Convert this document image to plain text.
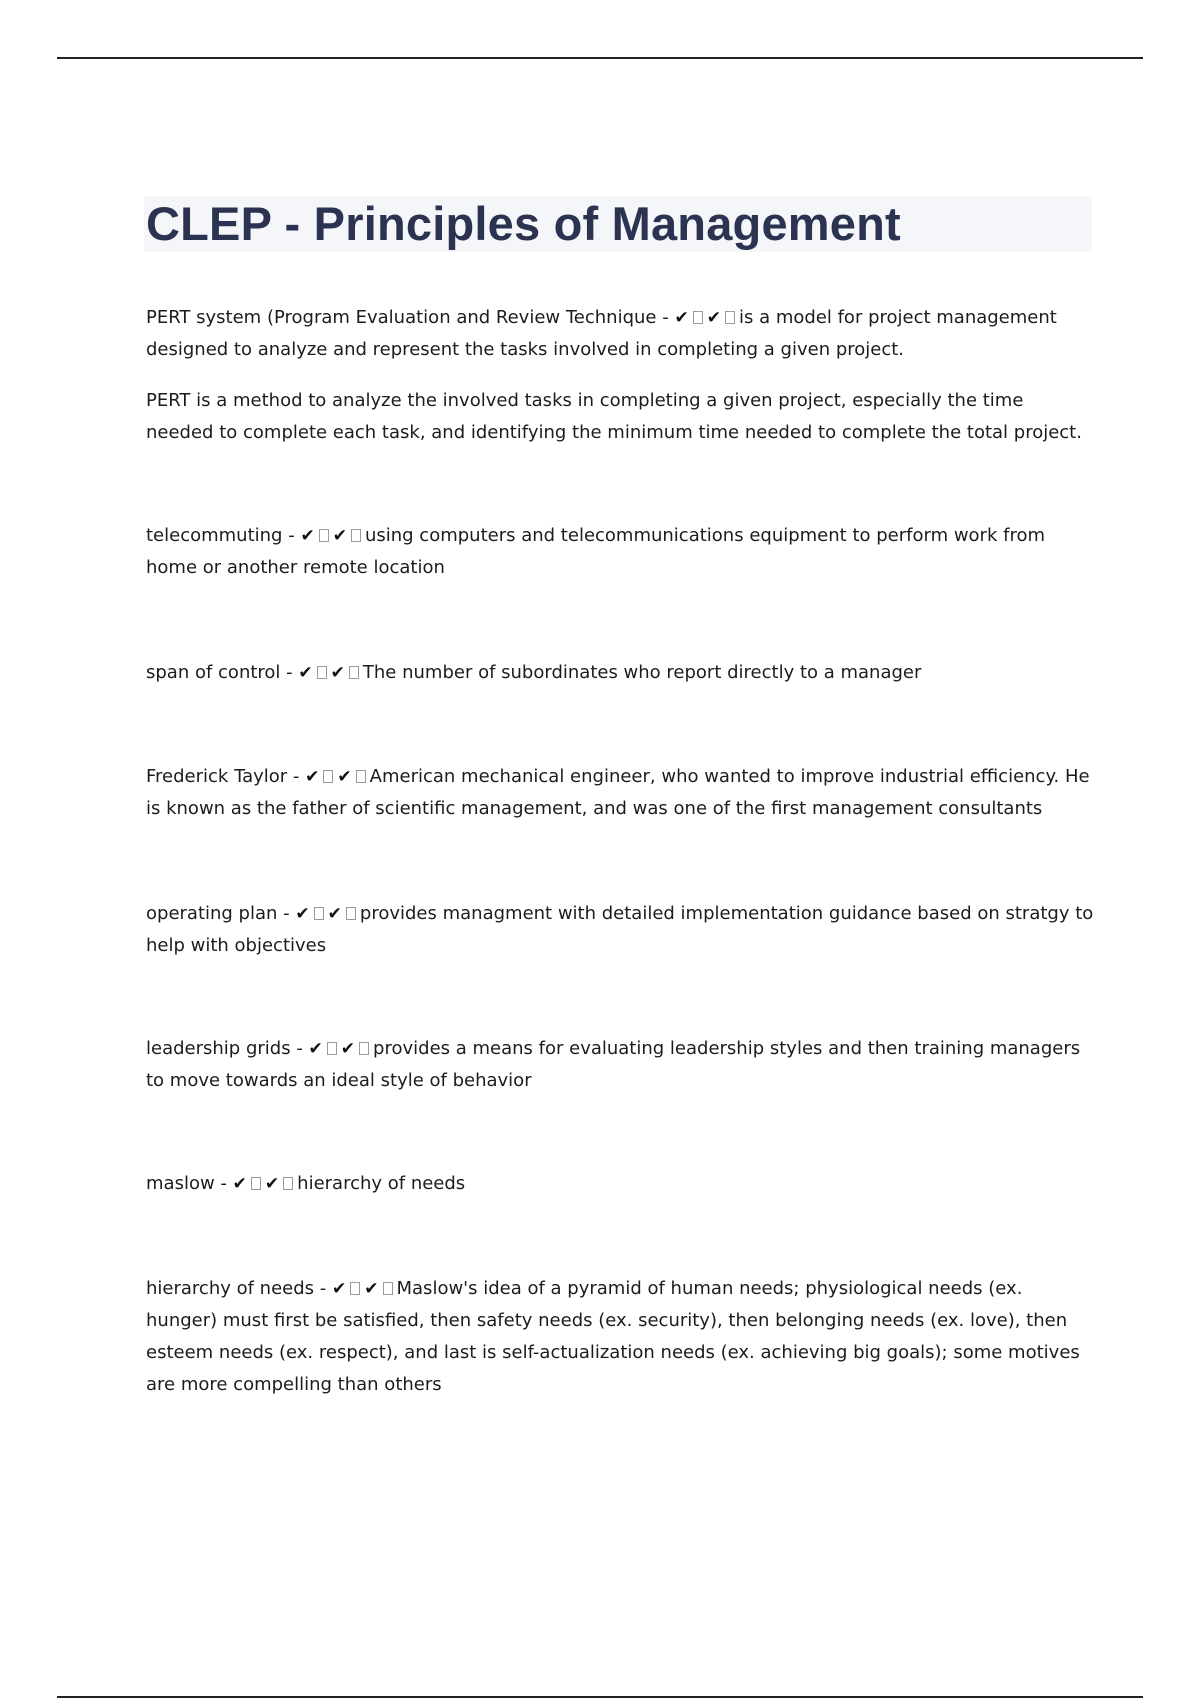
CLEP - Principles of Management

PERT system (Program Evaluation and Review Technique - ✔ ✔ is a model for project management designed to analyze and represent the tasks involved in completing a given project.

PERT is a method to analyze the involved tasks in completing a given project, especially the time needed to complete each task, and identifying the minimum time needed to complete the total project.

telecommuting - ✔ ✔ using computers and telecommunications equipment to perform work from home or another remote location

span of control - ✔ ✔ The number of subordinates who report directly to a manager

Frederick Taylor - ✔ ✔ American mechanical engineer, who wanted to improve industrial efficiency. He is known as the father of scientific management, and was one of the first management consultants

operating plan - ✔ ✔ provides managment with detailed implementation guidance based on stratgy to help with objectives

leadership grids - ✔ ✔ provides a means for evaluating leadership styles and then training managers to move towards an ideal style of behavior

maslow - ✔ ✔ hierarchy of needs

hierarchy of needs - ✔ ✔ Maslow's idea of a pyramid of human needs; physiological needs (ex. hunger) must first be satisfied, then safety needs (ex. security), then belonging needs (ex. love), then esteem needs (ex. respect), and last is self-actualization needs (ex. achieving big goals); some motives are more compelling than others
